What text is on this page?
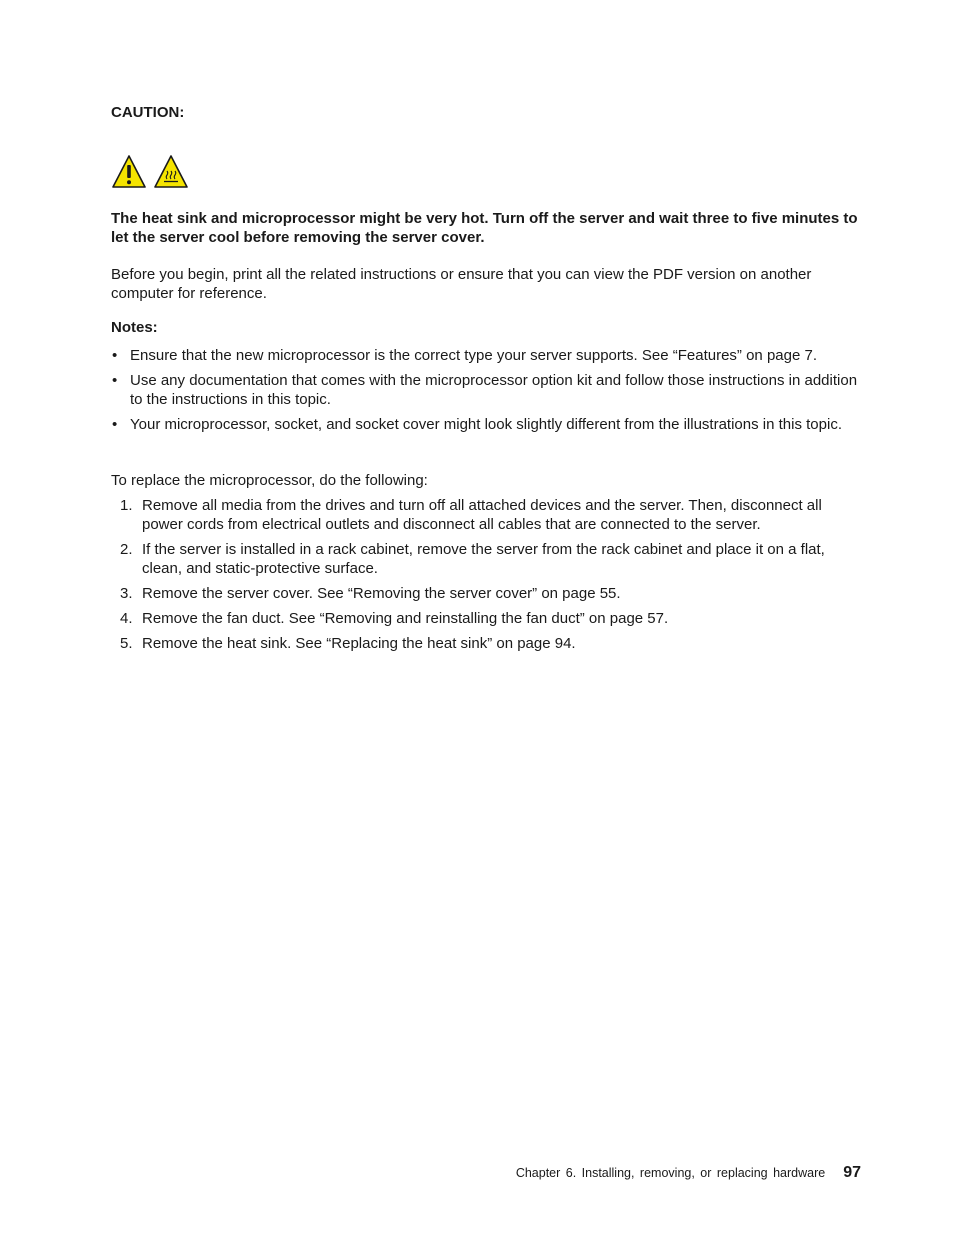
CAUTION:
The heat sink and microprocessor might be very hot. Turn off the server and wait three to five minutes to let the server cool before removing the server cover.
Before you begin, print all the related instructions or ensure that you can view the PDF version on another computer for reference.
Notes:
• Ensure that the new microprocessor is the correct type your server supports. See “Features” on page 7.
• Use any documentation that comes with the microprocessor option kit and follow those instructions in addition to the instructions in this topic.
• Your microprocessor, socket, and socket cover might look slightly different from the illustrations in this topic.
To replace the microprocessor, do the following:
1. Remove all media from the drives and turn off all attached devices and the server. Then, disconnect all power cords from electrical outlets and disconnect all cables that are connected to the server.
2. If the server is installed in a rack cabinet, remove the server from the rack cabinet and place it on a flat, clean, and static-protective surface.
3. Remove the server cover. See “Removing the server cover” on page 55.
4. Remove the fan duct. See “Removing and reinstalling the fan duct” on page 57.
5. Remove the heat sink. See “Replacing the heat sink” on page 94.
Chapter 6. Installing, removing, or replacing hardware 97
